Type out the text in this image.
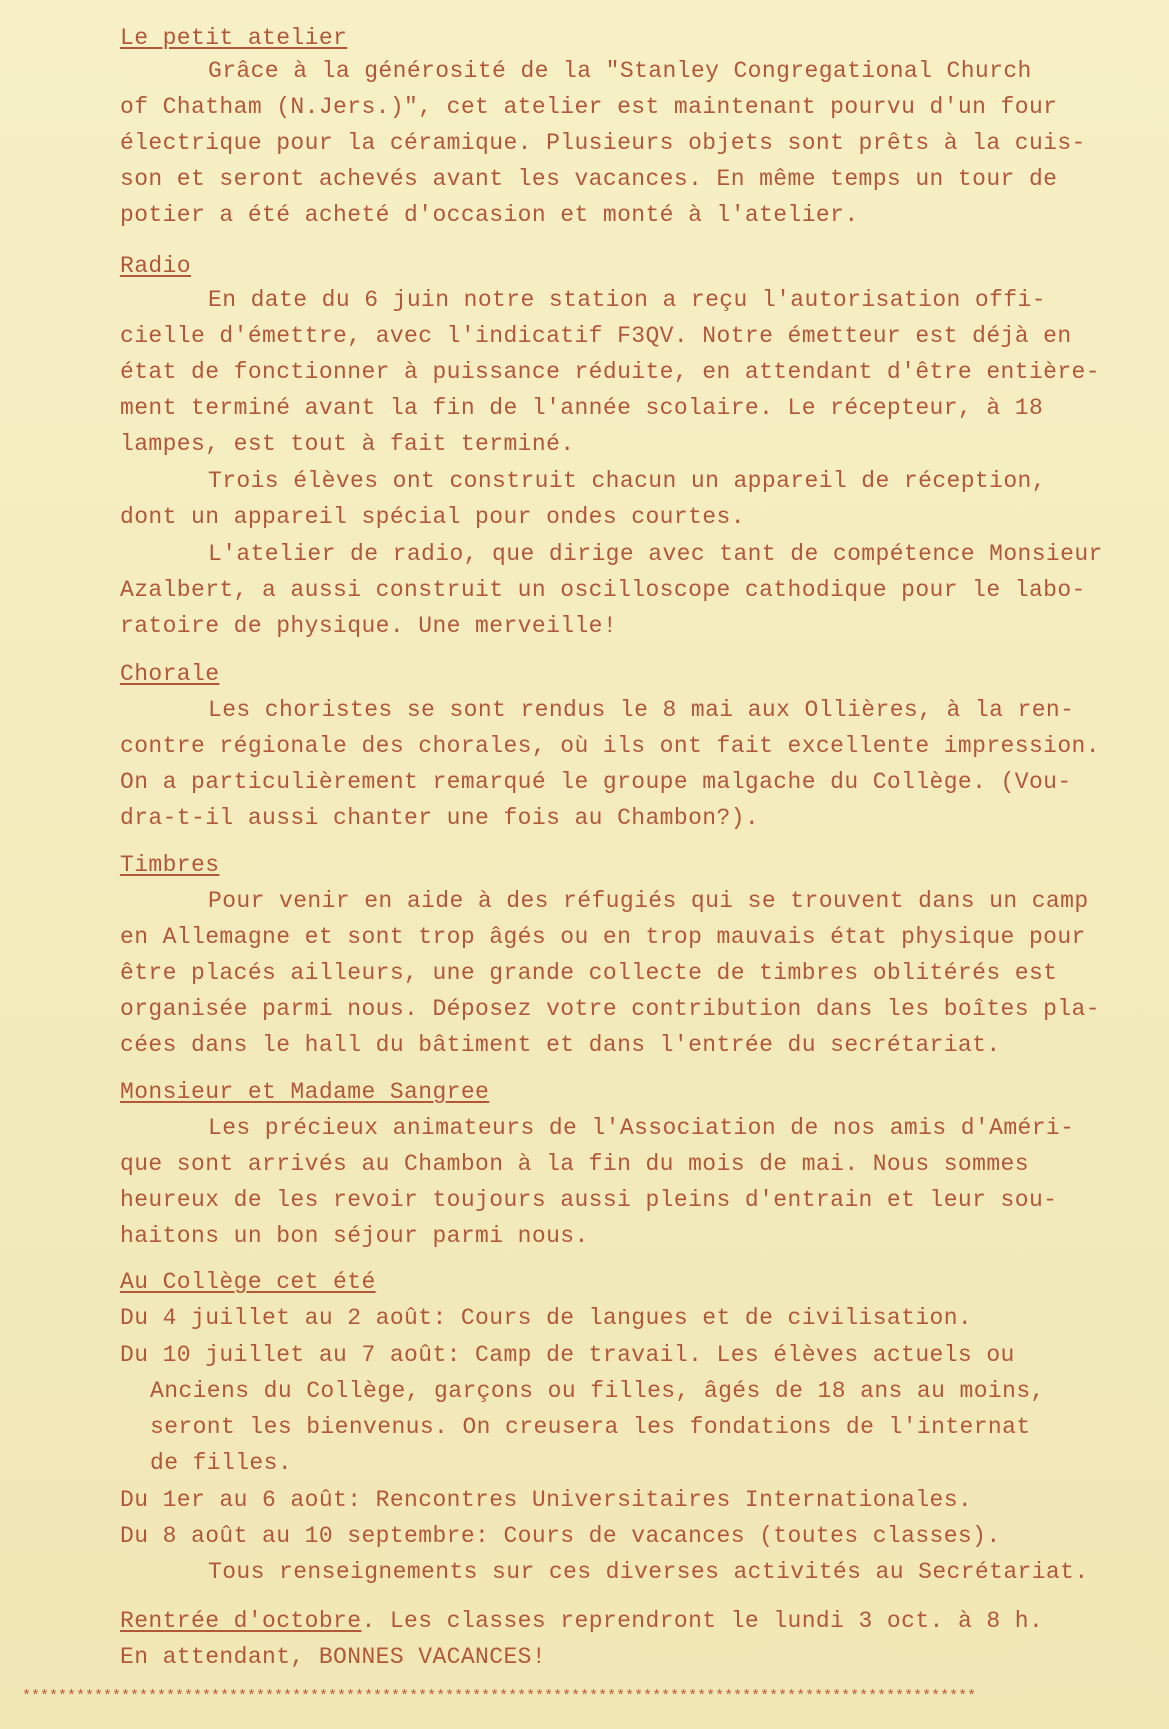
Le petit atelier
Grâce à la générosité de la "Stanley Congregational Church
of Chatham (N.Jers.)", cet atelier est maintenant pourvu d'un four
électrique pour la céramique. Plusieurs objets sont prêts à la cuis-
son et seront achevés avant les vacances. En même temps un tour de
potier a été acheté d'occasion et monté à l'atelier.
Radio
En date du 6 juin notre station a reçu l'autorisation offi-
cielle d'émettre, avec l'indicatif F3QV. Notre émetteur est déjà en
état de fonctionner à puissance réduite, en attendant d'être entière-
ment terminé avant la fin de l'année scolaire. Le récepteur, à 18
lampes, est tout à fait terminé.
Trois élèves ont construit chacun un appareil de réception,
dont un appareil spécial pour ondes courtes.
L'atelier de radio, que dirige avec tant de compétence Monsieur
Azalbert, a aussi construit un oscilloscope cathodique pour le labo-
ratoire de physique. Une merveille!
Chorale
Les choristes se sont rendus le 8 mai aux Ollières, à la ren-
contre régionale des chorales, où ils ont fait excellente impression.
On a particulièrement remarqué le groupe malgache du Collège. (Vou-
dra-t-il aussi chanter une fois au Chambon?).
Timbres
Pour venir en aide à des réfugiés qui se trouvent dans un camp
en Allemagne et sont trop âgés ou en trop mauvais état physique pour
être placés ailleurs, une grande collecte de timbres oblitérés est
organisée parmi nous. Déposez votre contribution dans les boîtes pla-
cées dans le hall du bâtiment et dans l'entrée du secrétariat.
Monsieur et Madame Sangree
Les précieux animateurs de l'Association de nos amis d'Améri-
que sont arrivés au Chambon à la fin du mois de mai. Nous sommes
heureux de les revoir toujours aussi pleins d'entrain et leur sou-
haitons un bon séjour parmi nous.
Au Collège cet été
Du 4 juillet au 2 août: Cours de langues et de civilisation.
Du 10 juillet au 7 août: Camp de travail. Les élèves actuels ou
Anciens du Collège, garçons ou filles, âgés de 18 ans au moins,
seront les bienvenus. On creusera les fondations de l'internat
de filles.
Du 1er au 6 août: Rencontres Universitaires Internationales.
Du 8 août au 10 septembre: Cours de vacances (toutes classes).
Tous renseignements sur ces diverses activités au Secrétariat.
Rentrée d'octobre. Les classes reprendront le lundi 3 oct. à 8 h.
En attendant, BONNES VACANCES!
**********************************************************************************************************
